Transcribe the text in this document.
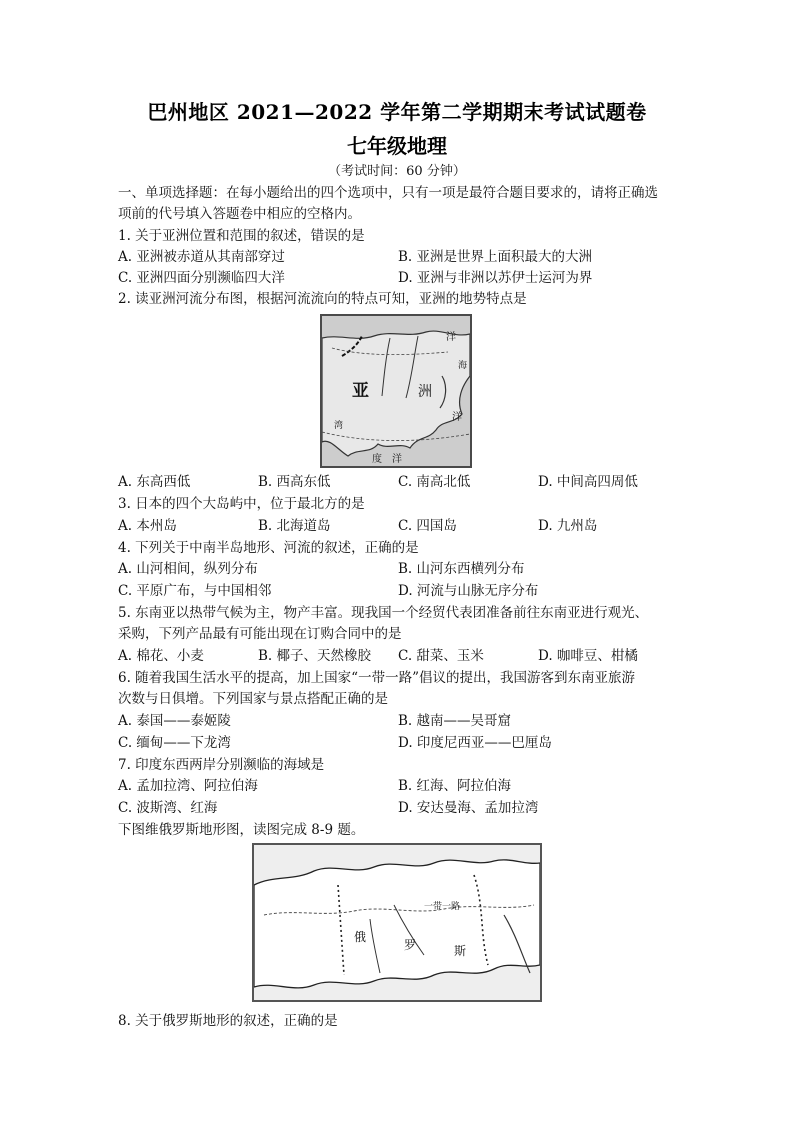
巴州地区 2021—2022 学年第二学期期末考试试题卷
七年级地理
（考试时间：60 分钟）
一、单项选择题：在每小题给出的四个选项中，只有一项是最符合题目要求的，请将正确选
项前的代号填入答题卷中相应的空格内。
1. 关于亚洲位置和范围的叙述，错误的是
A. 亚洲被赤道从其南部穿过	B. 亚洲是世界上面积最大的大洲
C. 亚洲四面分别濒临四大洋	D. 亚洲与非洲以苏伊士运河为界
2. 读亚洲河流分布图，根据河流流向的特点可知，亚洲的地势特点是
亚	洲
洋
洋
洋
度
海
湾
A. 东高西低	B. 西高东低	C. 南高北低	D. 中间高四周低
3. 日本的四个大岛屿中，位于最北方的是
A. 本州岛	B. 北海道岛	C. 四国岛	D. 九州岛
4. 下列关于中南半岛地形、河流的叙述，正确的是
A. 山河相间，纵列分布	B. 山河东西横列分布
C. 平原广布，与中国相邻	D. 河流与山脉无序分布
5. 东南亚以热带气候为主，物产丰富。现我国一个经贸代表团准备前往东南亚进行观光、
采购，下列产品最有可能出现在订购合同中的是
A. 棉花、小麦	B. 椰子、天然橡胶 C. 甜菜、玉米	D. 咖啡豆、柑橘
6. 随着我国生活水平的提高，加上国家“一带一路”倡议的提出，我国游客到东南亚旅游
次数与日俱增。下列国家与景点搭配正确的是
A. 泰国——泰姬陵	B. 越南——吴哥窟
C. 缅甸——下龙湾	D. 印度尼西亚——巴厘岛
7. 印度东西两岸分别濒临的海域是
A. 孟加拉湾、阿拉伯海	B. 红海、阿拉伯海
C. 波斯湾、红海	D. 安达曼海、孟加拉湾
下图维俄罗斯地形图，读图完成 8-9 题。
一带一路
俄
罗	斯
8. 关于俄罗斯地形的叙述，正确的是
